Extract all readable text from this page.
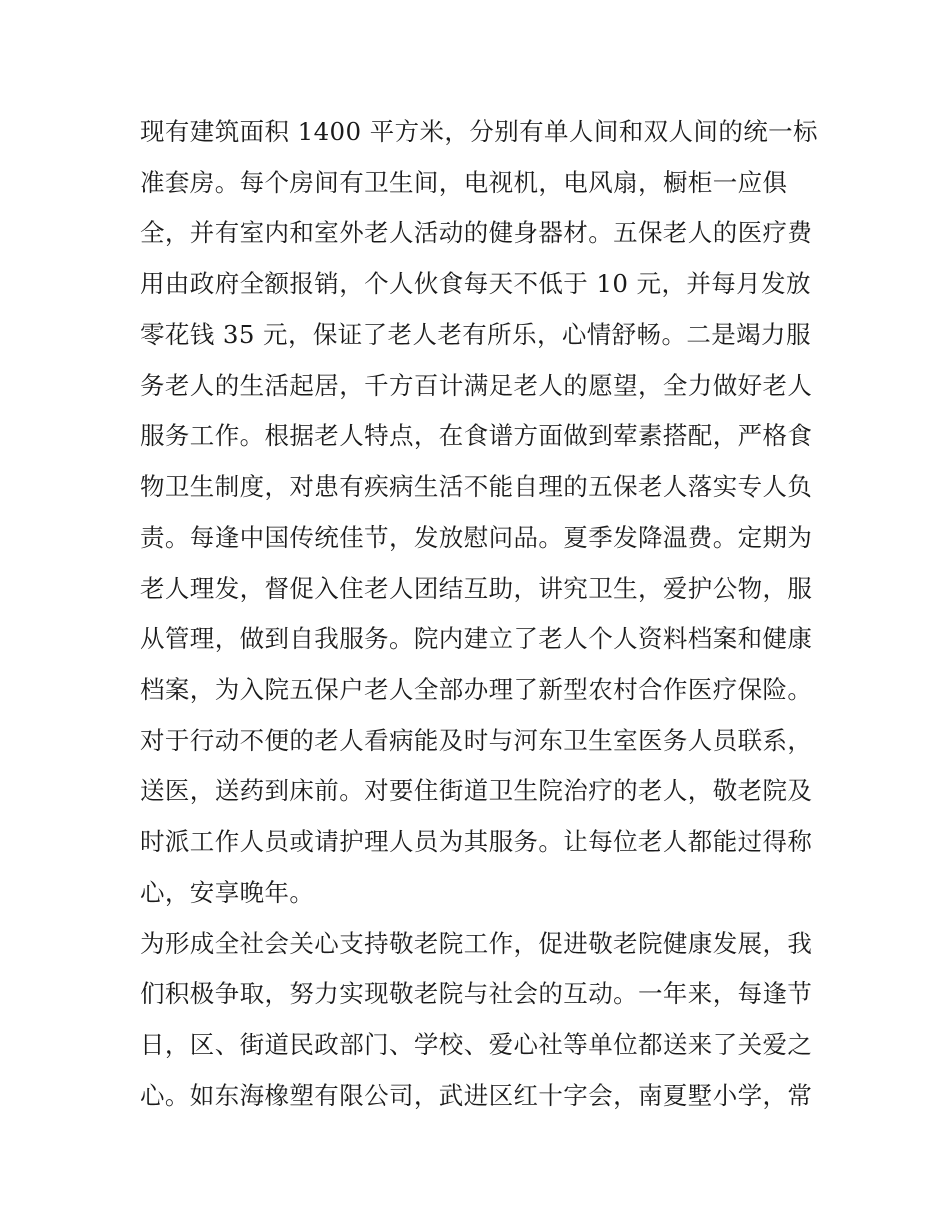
现有建筑面积 1400 平方米，分别有单人间和双人间的统一标
准套房。每个房间有卫生间，电视机，电风扇，橱柜一应俱
全，并有室内和室外老人活动的健身器材。五保老人的医疗费
用由政府全额报销，个人伙食每天不低于 10 元，并每月发放
零花钱 35 元，保证了老人老有所乐，心情舒畅。二是竭力服
务老人的生活起居，千方百计满足老人的愿望，全力做好老人
服务工作。根据老人特点，在食谱方面做到荤素搭配，严格食
物卫生制度，对患有疾病生活不能自理的五保老人落实专人负
责。每逢中国传统佳节，发放慰问品。夏季发降温费。定期为
老人理发，督促入住老人团结互助，讲究卫生，爱护公物，服
从管理，做到自我服务。院内建立了老人个人资料档案和健康
档案，为入院五保户老人全部办理了新型农村合作医疗保险。
对于行动不便的老人看病能及时与河东卫生室医务人员联系，
送医，送药到床前。对要住街道卫生院治疗的老人，敬老院及
时派工作人员或请护理人员为其服务。让每位老人都能过得称
心，安享晚年。
为形成全社会关心支持敬老院工作，促进敬老院健康发展，我
们积极争取，努力实现敬老院与社会的互动。一年来，每逢节
日，区、街道民政部门、学校、爱心社等单位都送来了关爱之
心。如东海橡塑有限公司，武进区红十字会，南夏墅小学，常
